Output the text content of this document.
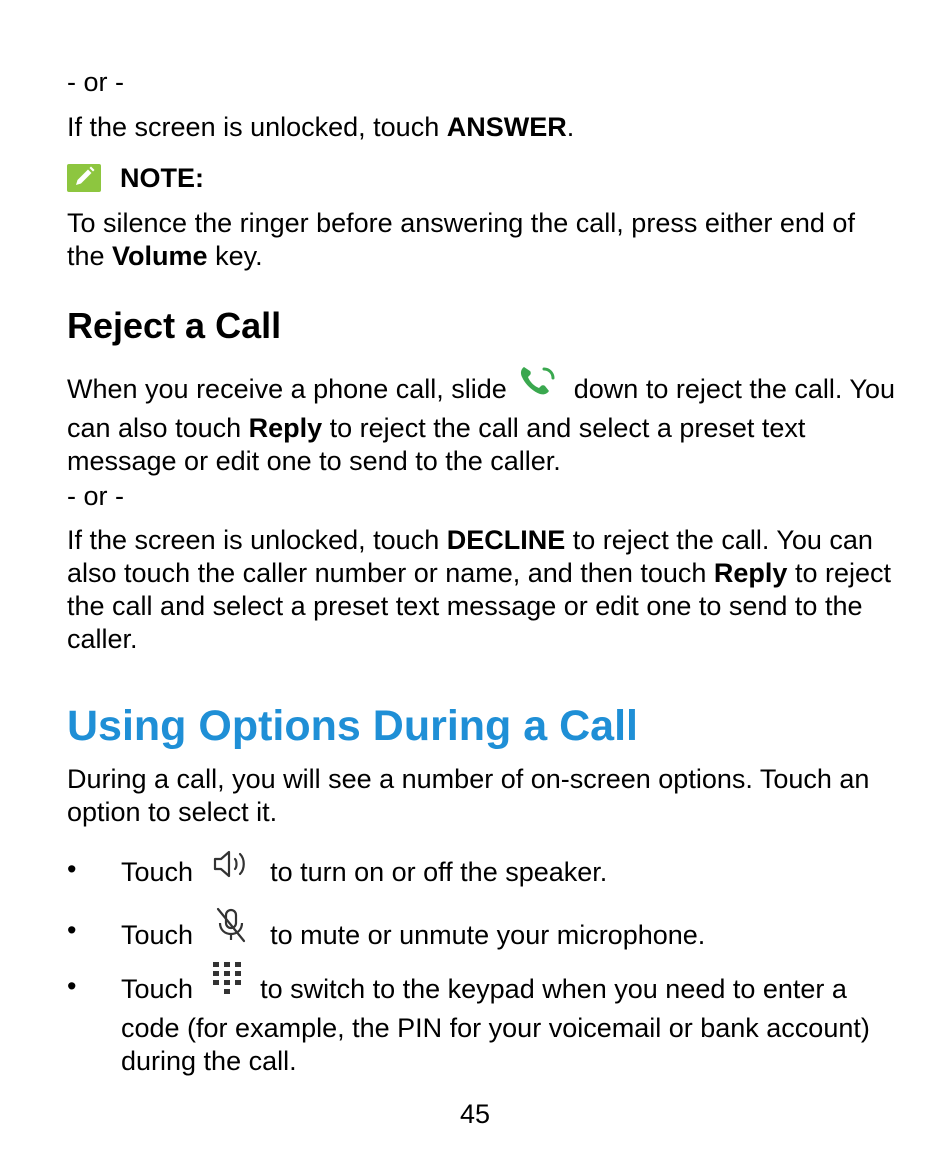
- or -

If the screen is unlocked, touch ANSWER.

NOTE:

To silence the ringer before answering the call, press either end of the Volume key.

Reject a Call

When you receive a phone call, slide  down to reject the call. You can also touch Reply to reject the call and select a preset text message or edit one to send to the caller.

- or -

If the screen is unlocked, touch DECLINE to reject the call. You can also touch the caller number or name, and then touch Reply to reject the call and select a preset text message or edit one to send to the caller.

Using Options During a Call

During a call, you will see a number of on-screen options. Touch an option to select it.

• Touch  to turn on or off the speaker.

• Touch  to mute or unmute your microphone.

• Touch  to switch to the keypad when you need to enter a code (for example, the PIN for your voicemail or bank account) during the call.

45
